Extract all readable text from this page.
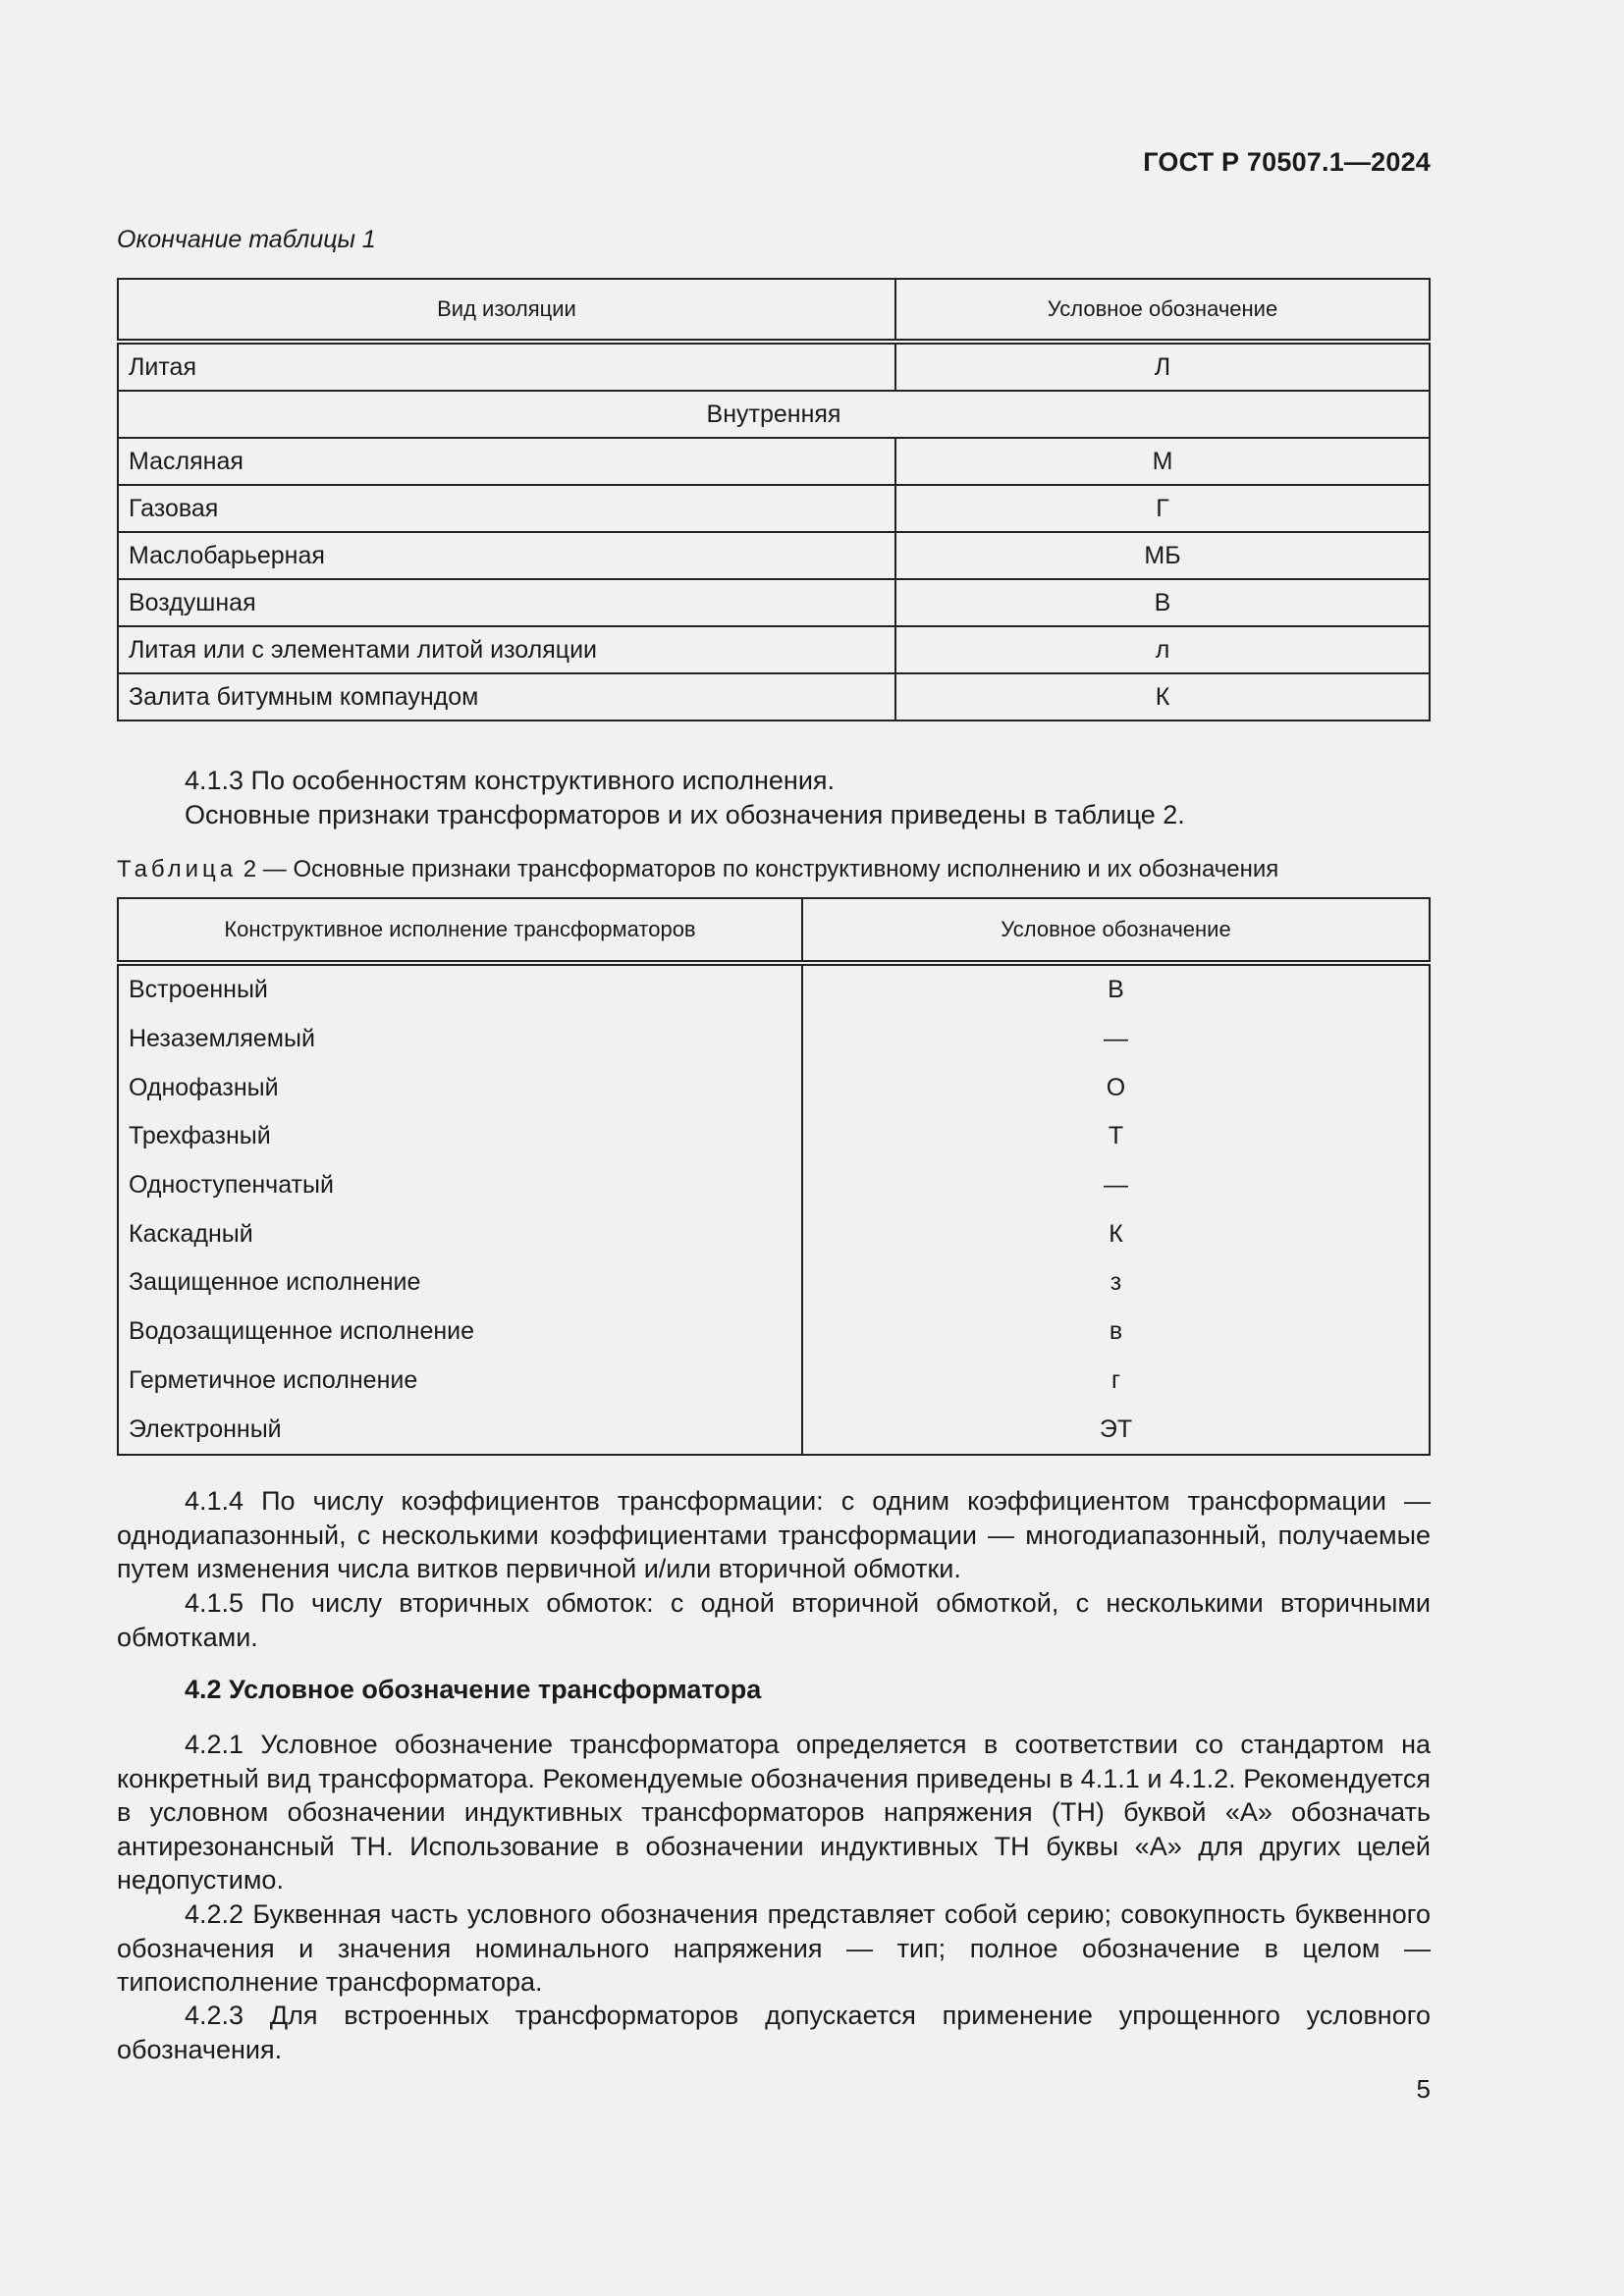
ГОСТ Р 70507.1—2024
Окончание таблицы 1
Вид изоляции	Условное обозначение
Литая	Л
Внутренняя	
Масляная	М
Газовая	Г
Маслобарьерная	МБ
Воздушная	В
Литая или с элементами литой изоляции	л
Залита битумным компаундом	К
4.1.3 По особенностям конструктивного исполнения.
Основные признаки трансформаторов и их обозначения приведены в таблице 2.
Таблица 2 — Основные признаки трансформаторов по конструктивному исполнению и их обозначения
Конструктивное исполнение трансформаторов	Условное обозначение
Встроенный	В
Незаземляемый	—
Однофазный	О
Трехфазный	Т
Одноступенчатый	—
Каскадный	К
Защищенное исполнение	з
Водозащищенное исполнение	в
Герметичное исполнение	г
Электронный	ЭТ
4.1.4 По числу коэффициентов трансформации: с одним коэффициентом трансформации — однодиапазонный, с несколькими коэффициентами трансформации — многодиапазонный, получаемые путем изменения числа витков первичной и/или вторичной обмотки.
4.1.5 По числу вторичных обмоток: с одной вторичной обмоткой, с несколькими вторичными обмотками.
4.2 Условное обозначение трансформатора
4.2.1 Условное обозначение трансформатора определяется в соответствии со стандартом на конкретный вид трансформатора. Рекомендуемые обозначения приведены в 4.1.1 и 4.1.2. Рекомендуется в условном обозначении индуктивных трансформаторов напряжения (ТН) буквой «А» обозначать антирезонансный ТН. Использование в обозначении индуктивных ТН буквы «А» для других целей недопустимо.
4.2.2 Буквенная часть условного обозначения представляет собой серию; совокупность буквенного обозначения и значения номинального напряжения — тип; полное обозначение в целом — типоисполнение трансформатора.
4.2.3 Для встроенных трансформаторов допускается применение упрощенного условного обозначения.
5
